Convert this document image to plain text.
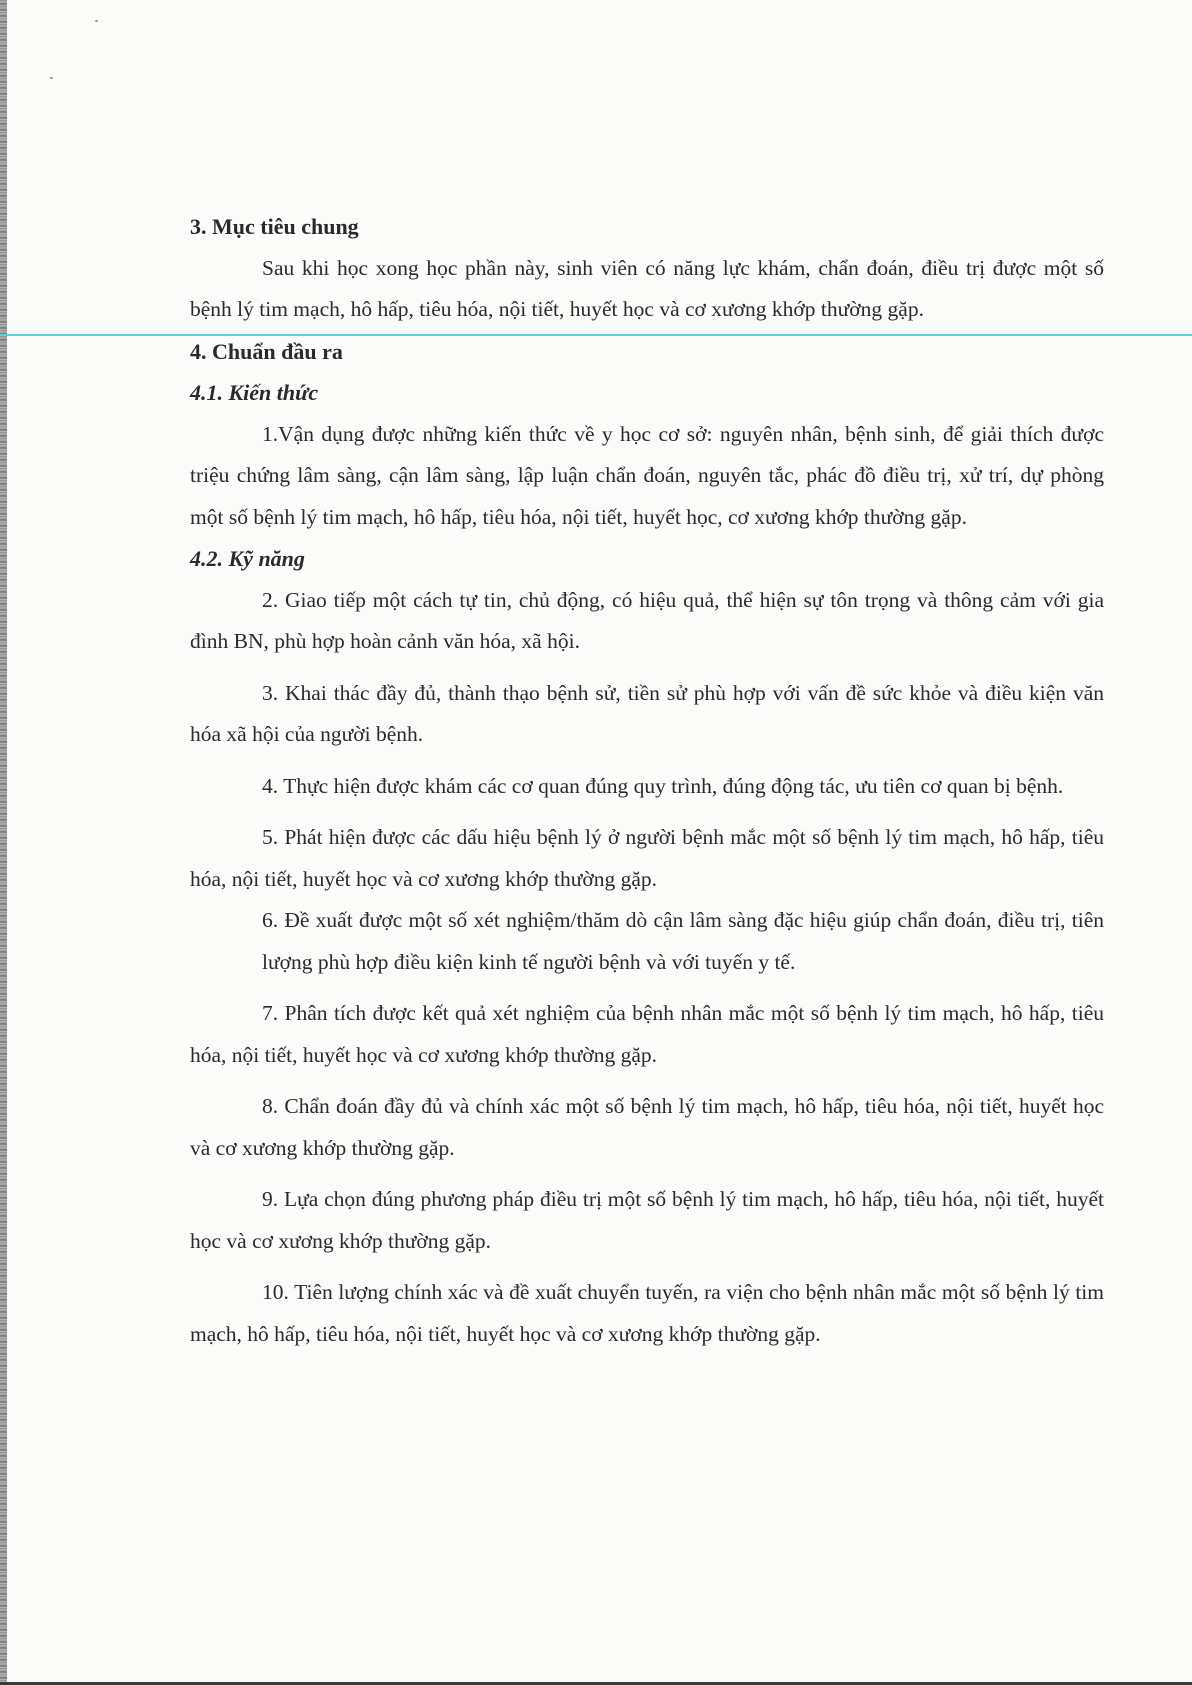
3. Mục tiêu chung

Sau khi học xong học phần này, sinh viên có năng lực khám, chẩn đoán, điều trị được một số bệnh lý tim mạch, hô hấp, tiêu hóa, nội tiết, huyết học và cơ xương khớp thường gặp.

4. Chuẩn đầu ra

4.1. Kiến thức

1.Vận dụng được những kiến thức về y học cơ sở: nguyên nhân, bệnh sinh, để giải thích được triệu chứng lâm sàng, cận lâm sàng, lập luận chẩn đoán, nguyên tắc, phác đồ điều trị, xử trí, dự phòng một số bệnh lý tim mạch, hô hấp, tiêu hóa, nội tiết, huyết học, cơ xương khớp thường gặp.

4.2. Kỹ năng

2. Giao tiếp một cách tự tin, chủ động, có hiệu quả, thể hiện sự tôn trọng và thông cảm với gia đình BN, phù hợp hoàn cảnh văn hóa, xã hội.

3. Khai thác đầy đủ, thành thạo bệnh sử, tiền sử phù hợp với vấn đề sức khỏe và điều kiện văn hóa xã hội của người bệnh.

4. Thực hiện được khám các cơ quan đúng quy trình, đúng động tác, ưu tiên cơ quan bị bệnh.

5. Phát hiện được các dấu hiệu bệnh lý ở người bệnh mắc một số bệnh lý tim mạch, hô hấp, tiêu hóa, nội tiết, huyết học và cơ xương khớp thường gặp.

6. Đề xuất được một số xét nghiệm/thăm dò cận lâm sàng đặc hiệu giúp chẩn đoán, điều trị, tiên lượng phù hợp điều kiện kinh tế người bệnh và với tuyến y tế.

7. Phân tích được kết quả xét nghiệm của bệnh nhân mắc một số bệnh lý tim mạch, hô hấp, tiêu hóa, nội tiết, huyết học và cơ xương khớp thường gặp.

8. Chẩn đoán đầy đủ và chính xác một số bệnh lý tim mạch, hô hấp, tiêu hóa, nội tiết, huyết học và cơ xương khớp thường gặp.

9. Lựa chọn đúng phương pháp điều trị một số bệnh lý tim mạch, hô hấp, tiêu hóa, nội tiết, huyết học và cơ xương khớp thường gặp.

10. Tiên lượng chính xác và đề xuất chuyển tuyến, ra viện cho bệnh nhân mắc một số bệnh lý tim mạch, hô hấp, tiêu hóa, nội tiết, huyết học và cơ xương khớp thường gặp.
